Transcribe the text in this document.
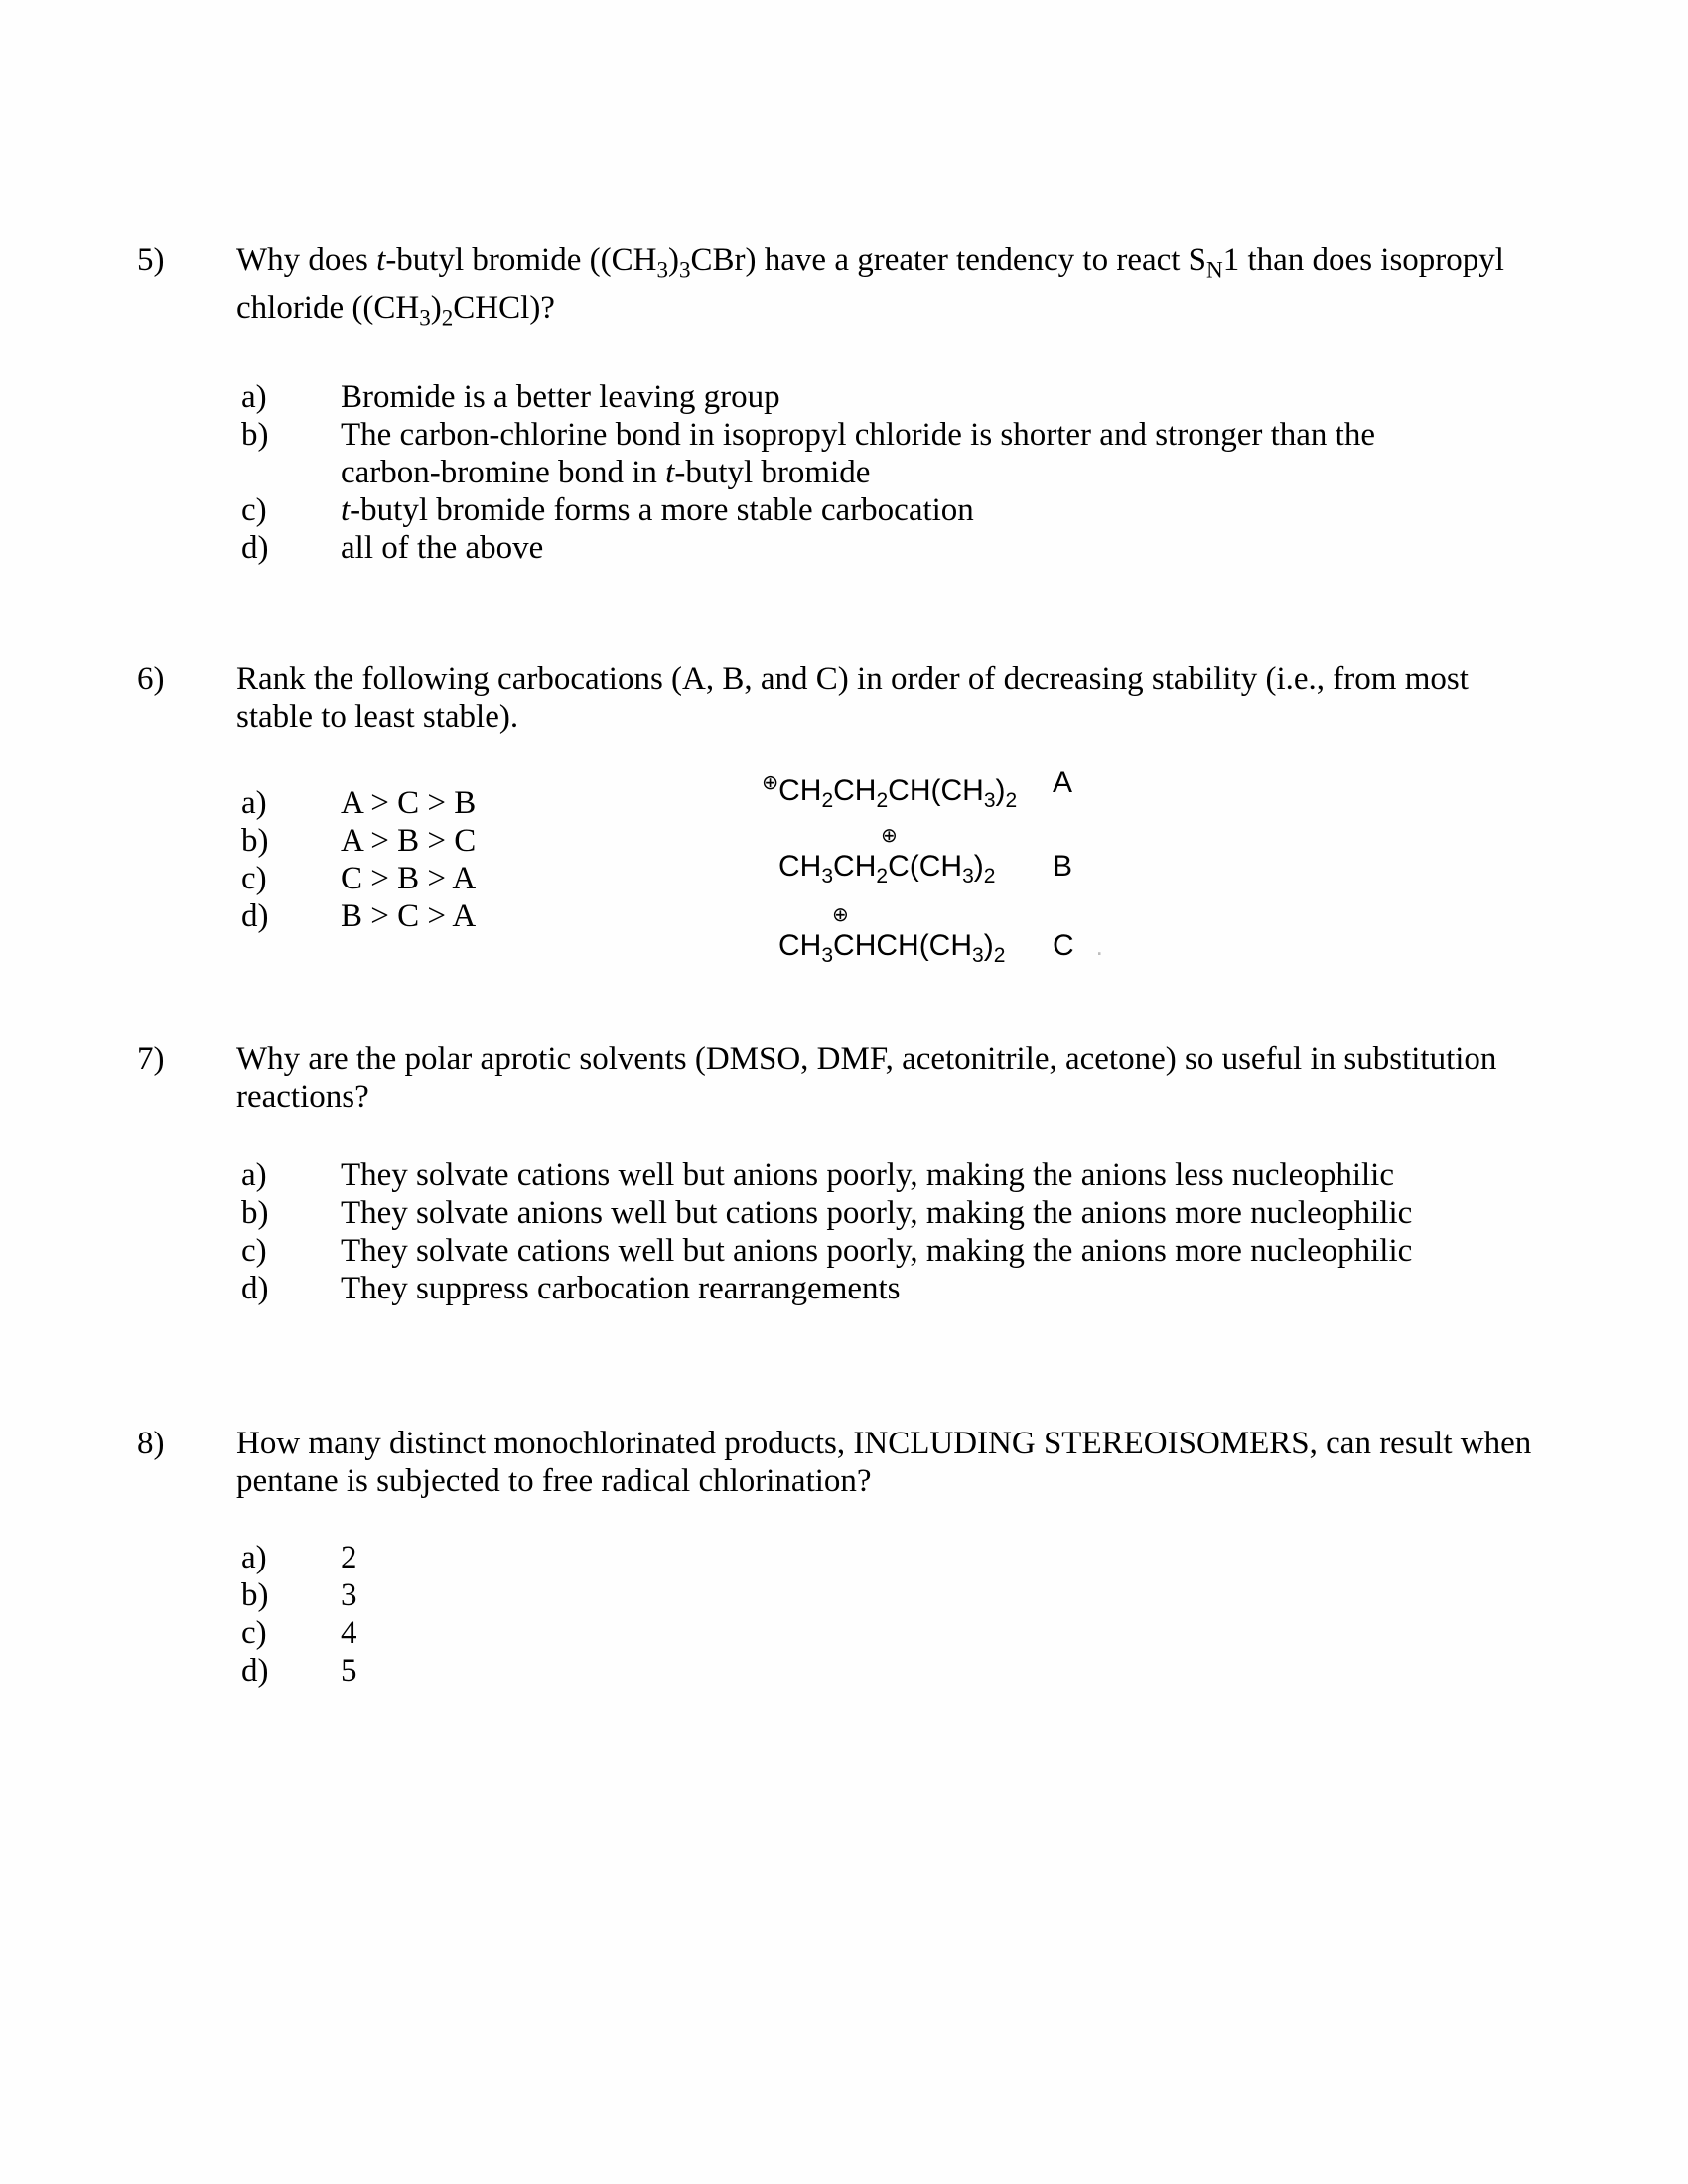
5)	Why does t-butyl bromide $((CH_3)_3CBr)$ have a greater tendency to react $S_N1$ than does isopropyl
chloride $((CH_3)_2CHCl)$?
a)	Bromide is a better leaving group
b)	The carbon-chlorine bond in isopropyl chloride is shorter and stronger than the
carbon-bromine bond in t-butyl bromide
c)	t-butyl bromide forms a more stable carbocation
d)	all of the above
6)	Rank the following carbocations (A, B, and C) in order of decreasing stability (i.e., from most
stable to least stable).
a)	A > C > B
b)	A > B > C
c)	C > B > A
d)	B > C > A
$^\oplus CH_2CH_2CH(CH_3)_2$
A
⊕
$CH_3CH_2C(CH_3)_2$	B
⊕
$CH_3CHCH(CH_3)_2$	C .
7)	Why are the polar aprotic solvents (DMSO, DMF, acetonitrile, acetone) so useful in substitution
reactions?
a)	They solvate cations well but anions poorly, making the anions less nucleophilic
b)	They solvate anions well but cations poorly, making the anions more nucleophilic
c)	They solvate cations well but anions poorly, making the anions more nucleophilic
d)	They suppress carbocation rearrangements
8)	How many distinct monochlorinated products, INCLUDING STEREOISOMERS, can result when
pentane is subjected to free radical chlorination?
a)	2
b)	3
c)	4
d)	5
